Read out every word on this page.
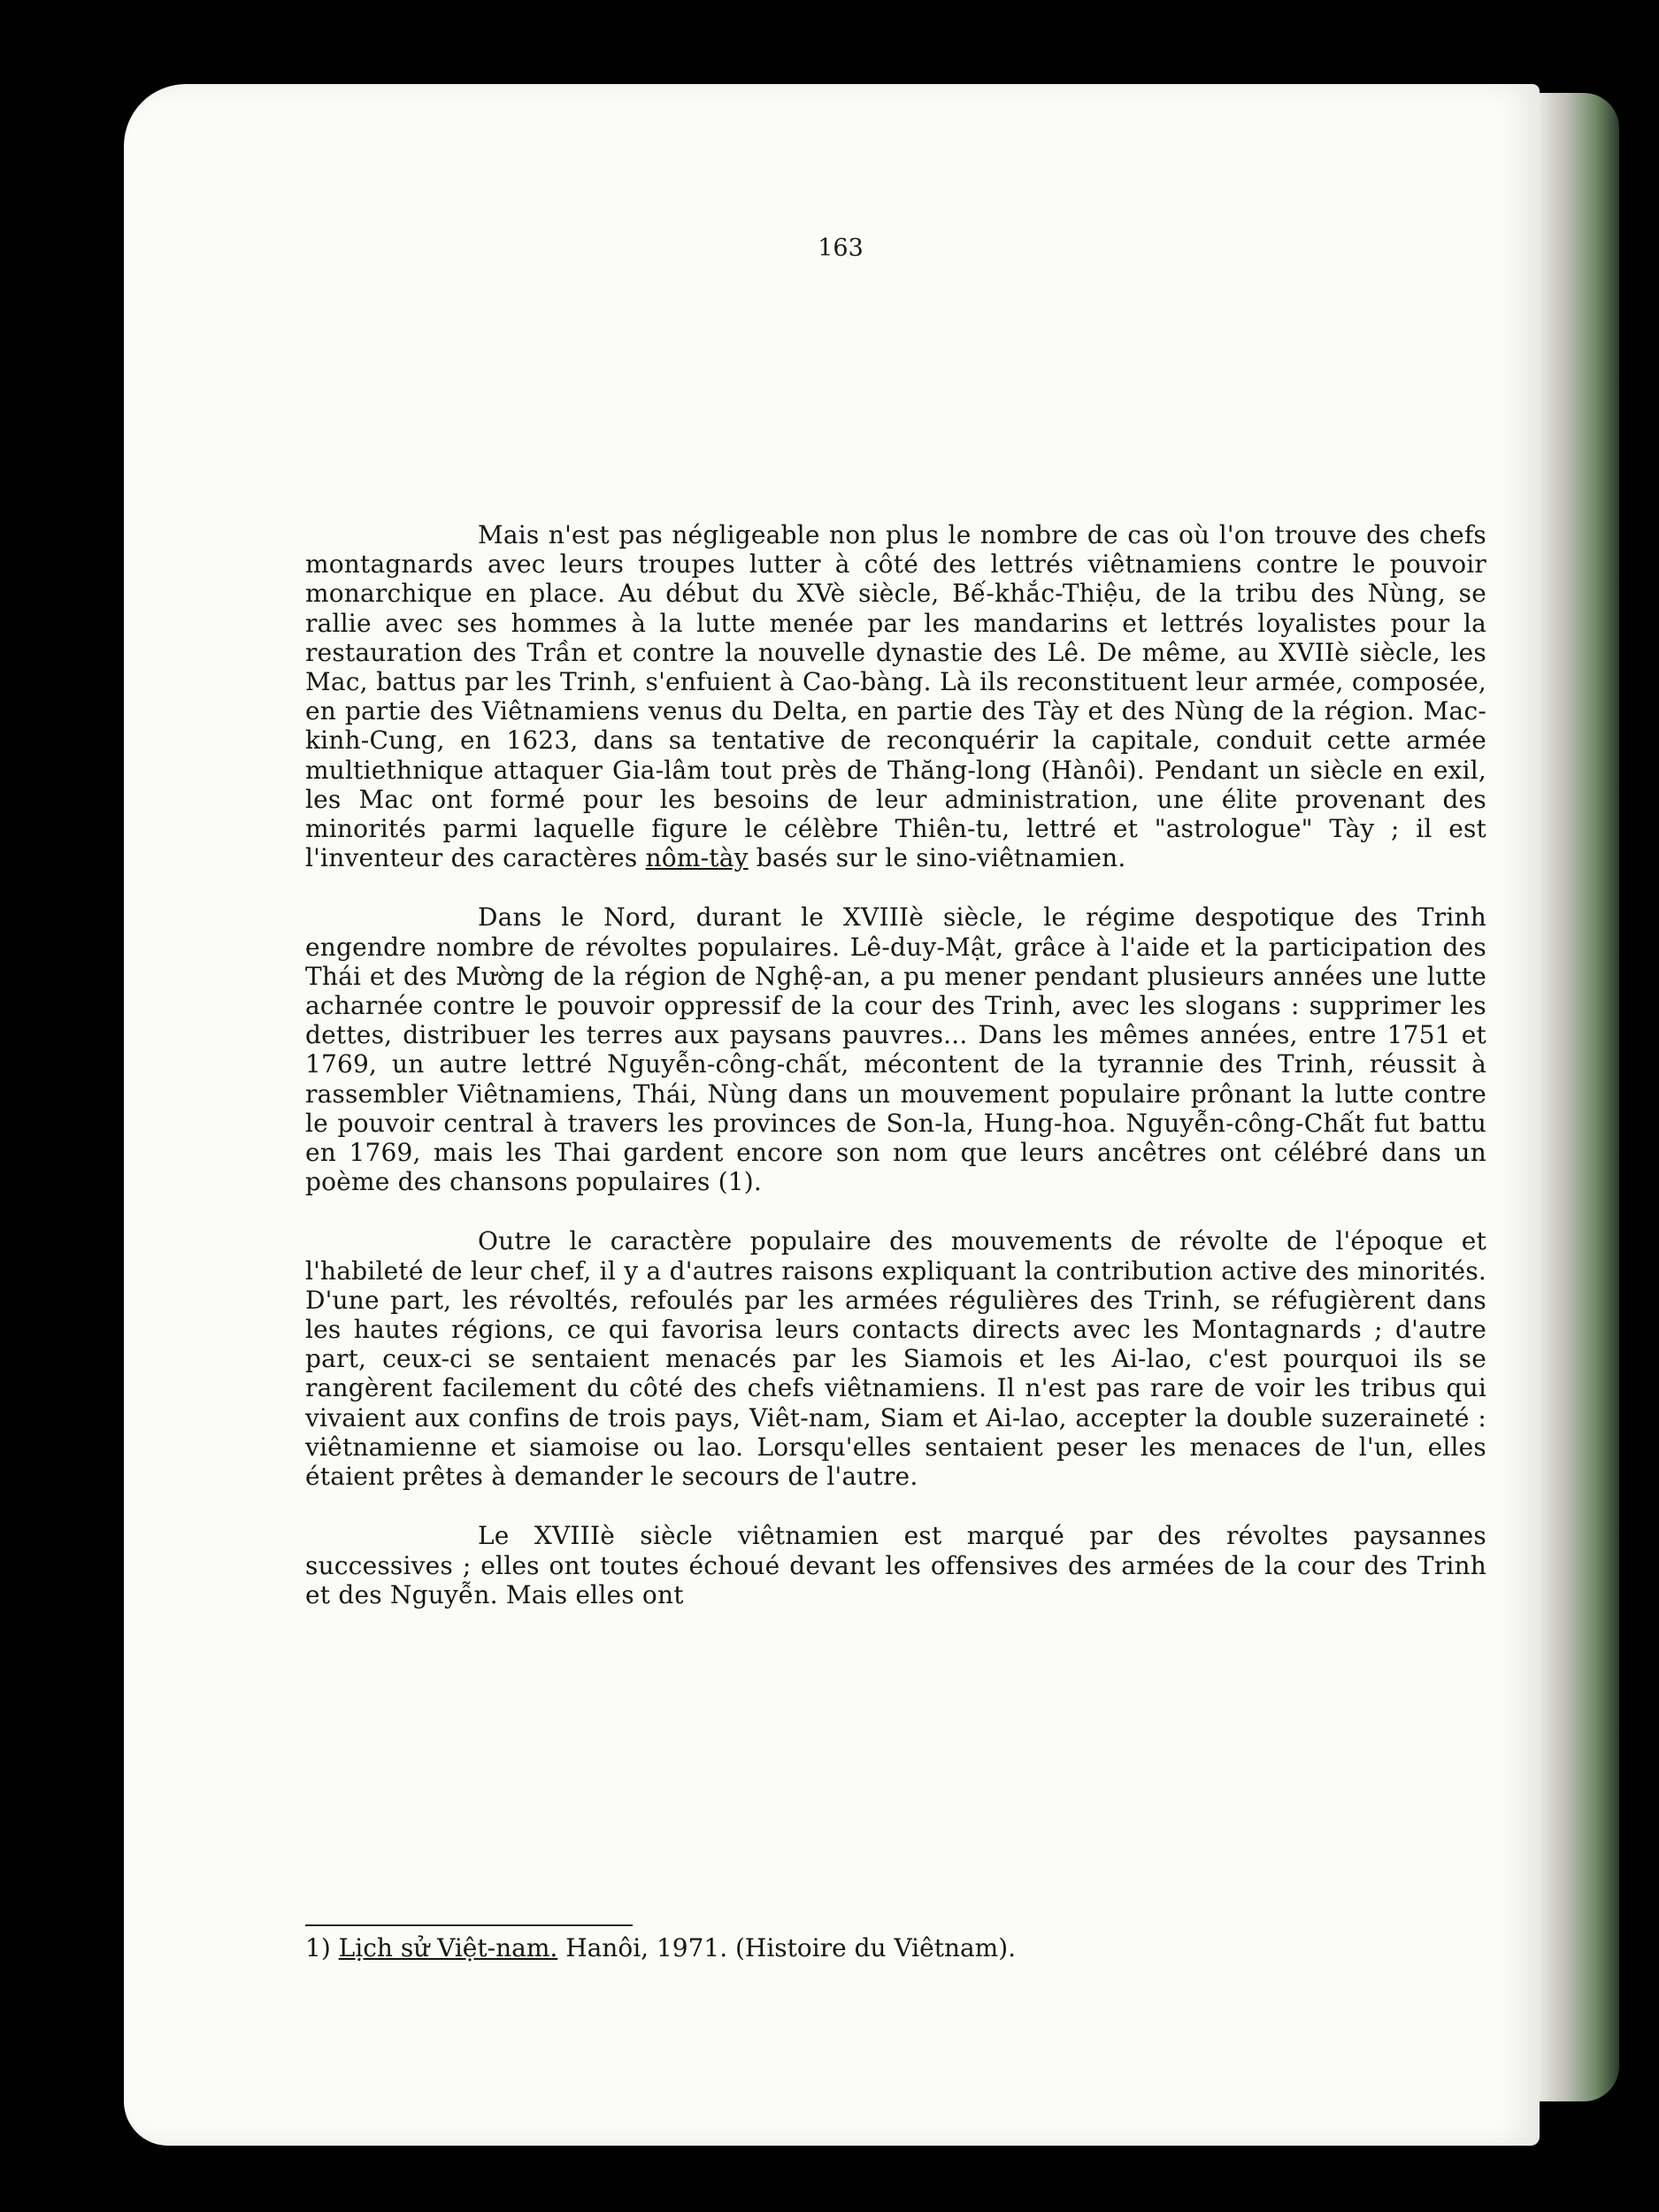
163

Mais n'est pas négligeable non plus le nombre de cas où l'on trouve des chefs montagnards avec leurs troupes lutter à côté des lettrés viêtnamiens contre le pouvoir monarchique en place. Au début du XVè siècle, Bế-khắc-Thiệu, de la tribu des Nùng, se rallie avec ses hommes à la lutte menée par les mandarins et lettrés loyalistes pour la restauration des Trần et contre la nouvelle dynastie des Lê. De même, au XVIIè siècle, les Mac, battus par les Trinh, s'enfuient à Cao-bàng. Là ils reconstituent leur armée, composée, en partie des Viêtnamiens venus du Delta, en partie des Tày et des Nùng de la région. Mac-kinh-Cung, en 1623, dans sa tentative de reconquérir la capitale, conduit cette armée multiethnique attaquer Gia-lâm tout près de Thăng-long (Hànôi). Pendant un siècle en exil, les Mac ont formé pour les besoins de leur administration, une élite provenant des minorités parmi laquelle figure le célèbre Thiên-tu, lettré et "astrologue" Tày ; il est l'inventeur des caractères nôm-tày basés sur le sino-viêtnamien.

Dans le Nord, durant le XVIIIè siècle, le régime despotique des Trinh engendre nombre de révoltes populaires. Lê-duy-Mật, grâce à l'aide et la participation des Thái et des Mường de la région de Nghệ-an, a pu mener pendant plusieurs années une lutte acharnée contre le pouvoir oppressif de la cour des Trinh, avec les slogans : supprimer les dettes, distribuer les terres aux paysans pauvres... Dans les mêmes années, entre 1751 et 1769, un autre lettré Nguyễn-công-chất, mécontent de la tyrannie des Trinh, réussit à rassembler Viêtnamiens, Thái, Nùng dans un mouvement populaire prônant la lutte contre le pouvoir central à travers les provinces de Son-la, Hung-hoa. Nguyễn-công-Chất fut battu en 1769, mais les Thai gardent encore son nom que leurs ancêtres ont célébré dans un poème des chansons populaires (1).

Outre le caractère populaire des mouvements de révolte de l'époque et l'habileté de leur chef, il y a d'autres raisons expliquant la contribution active des minorités. D'une part, les révoltés, refoulés par les armées régulières des Trinh, se réfugièrent dans les hautes régions, ce qui favorisa leurs contacts directs avec les Montagnards ; d'autre part, ceux-ci se sentaient menacés par les Siamois et les Ai-lao, c'est pourquoi ils se rangèrent facilement du côté des chefs viêtnamiens. Il n'est pas rare de voir les tribus qui vivaient aux confins de trois pays, Viêt-nam, Siam et Ai-lao, accepter la double suzeraineté : viêtnamienne et siamoise ou lao. Lorsqu'elles sentaient peser les menaces de l'un, elles étaient prêtes à demander le secours de l'autre.

Le XVIIIè siècle viêtnamien est marqué par des révoltes paysannes successives ; elles ont toutes échoué devant les offensives des armées de la cour des Trinh et des Nguyễn. Mais elles ont

1) Lịch sử Việt-nam. Hanôi, 1971. (Histoire du Viêtnam).
